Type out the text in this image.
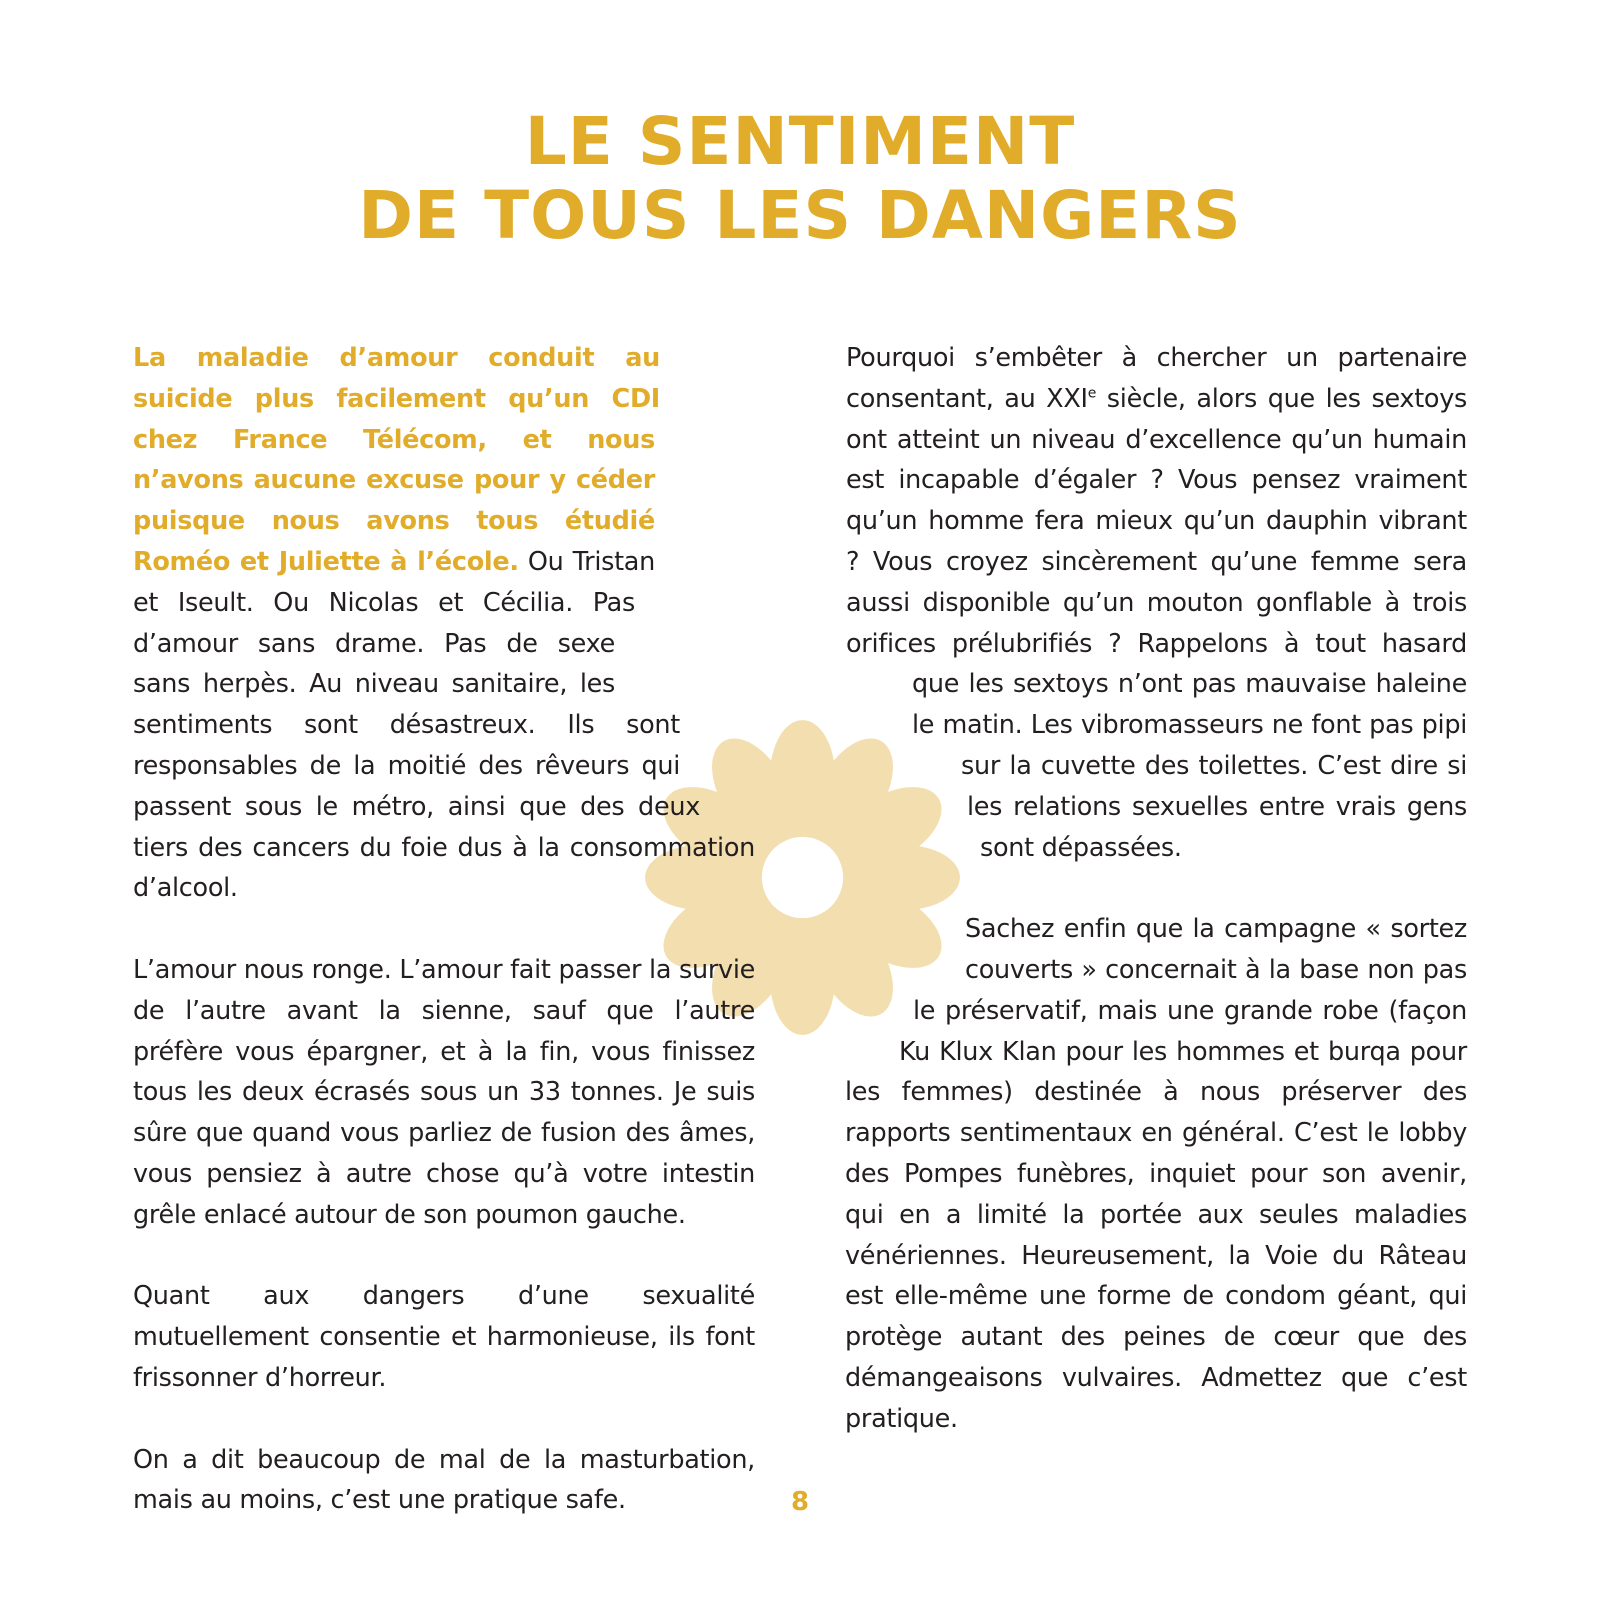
LE SENTIMENT
DE TOUS LES DANGERS

La maladie d’amour conduit au suicide plus facilement qu’un CDI chez France Télécom, et nous n’avons aucune excuse pour y céder puisque nous avons tous étudié Roméo et Juliette à l’école. Ou Tristan et Iseult. Ou Nicolas et Cécilia. Pas d’amour sans drame. Pas de sexe sans herpès. Au niveau sanitaire, les sentiments sont désastreux. Ils sont responsables de la moitié des rêveurs qui passent sous le métro, ainsi que des deux tiers des cancers du foie dus à la consommation d’alcool.

L’amour nous ronge. L’amour fait passer la survie de l’autre avant la sienne, sauf que l’autre préfère vous épargner, et à la fin, vous finissez tous les deux écrasés sous un 33 tonnes. Je suis sûre que quand vous parliez de fusion des âmes, vous pensiez à autre chose qu’à votre intestin grêle enlacé autour de son poumon gauche.

Quant aux dangers d’une sexualité mutuellement consentie et harmonieuse, ils font frissonner d’horreur.

On a dit beaucoup de mal de la masturbation, mais au moins, c’est une pratique safe.

Pourquoi s’embêter à chercher un partenaire consentant, au XXIe siècle, alors que les sextoys ont atteint un niveau d’excellence qu’un humain est incapable d’égaler ? Vous pensez vraiment qu’un homme fera mieux qu’un dauphin vibrant ? Vous croyez sincèrement qu’une femme sera aussi disponible qu’un mouton gonflable à trois orifices prélubrifiés ? Rappelons à tout hasard que les sextoys n’ont pas mauvaise haleine le matin. Les vibromasseurs ne font pas pipi sur la cuvette des toilettes. C’est dire si les relations sexuelles entre vrais gens sont dépassées.

Sachez enfin que la campagne « sortez couverts » concernait à la base non pas le préservatif, mais une grande robe (façon Ku Klux Klan pour les hommes et burqa pour les femmes) destinée à nous préserver des rapports sentimentaux en général. C’est le lobby des Pompes funèbres, inquiet pour son avenir, qui en a limité la portée aux seules maladies vénériennes. Heureusement, la Voie du Râteau est elle-même une forme de condom géant, qui protège autant des peines de cœur que des démangeaisons vulvaires. Admettez que c’est pratique.

8
